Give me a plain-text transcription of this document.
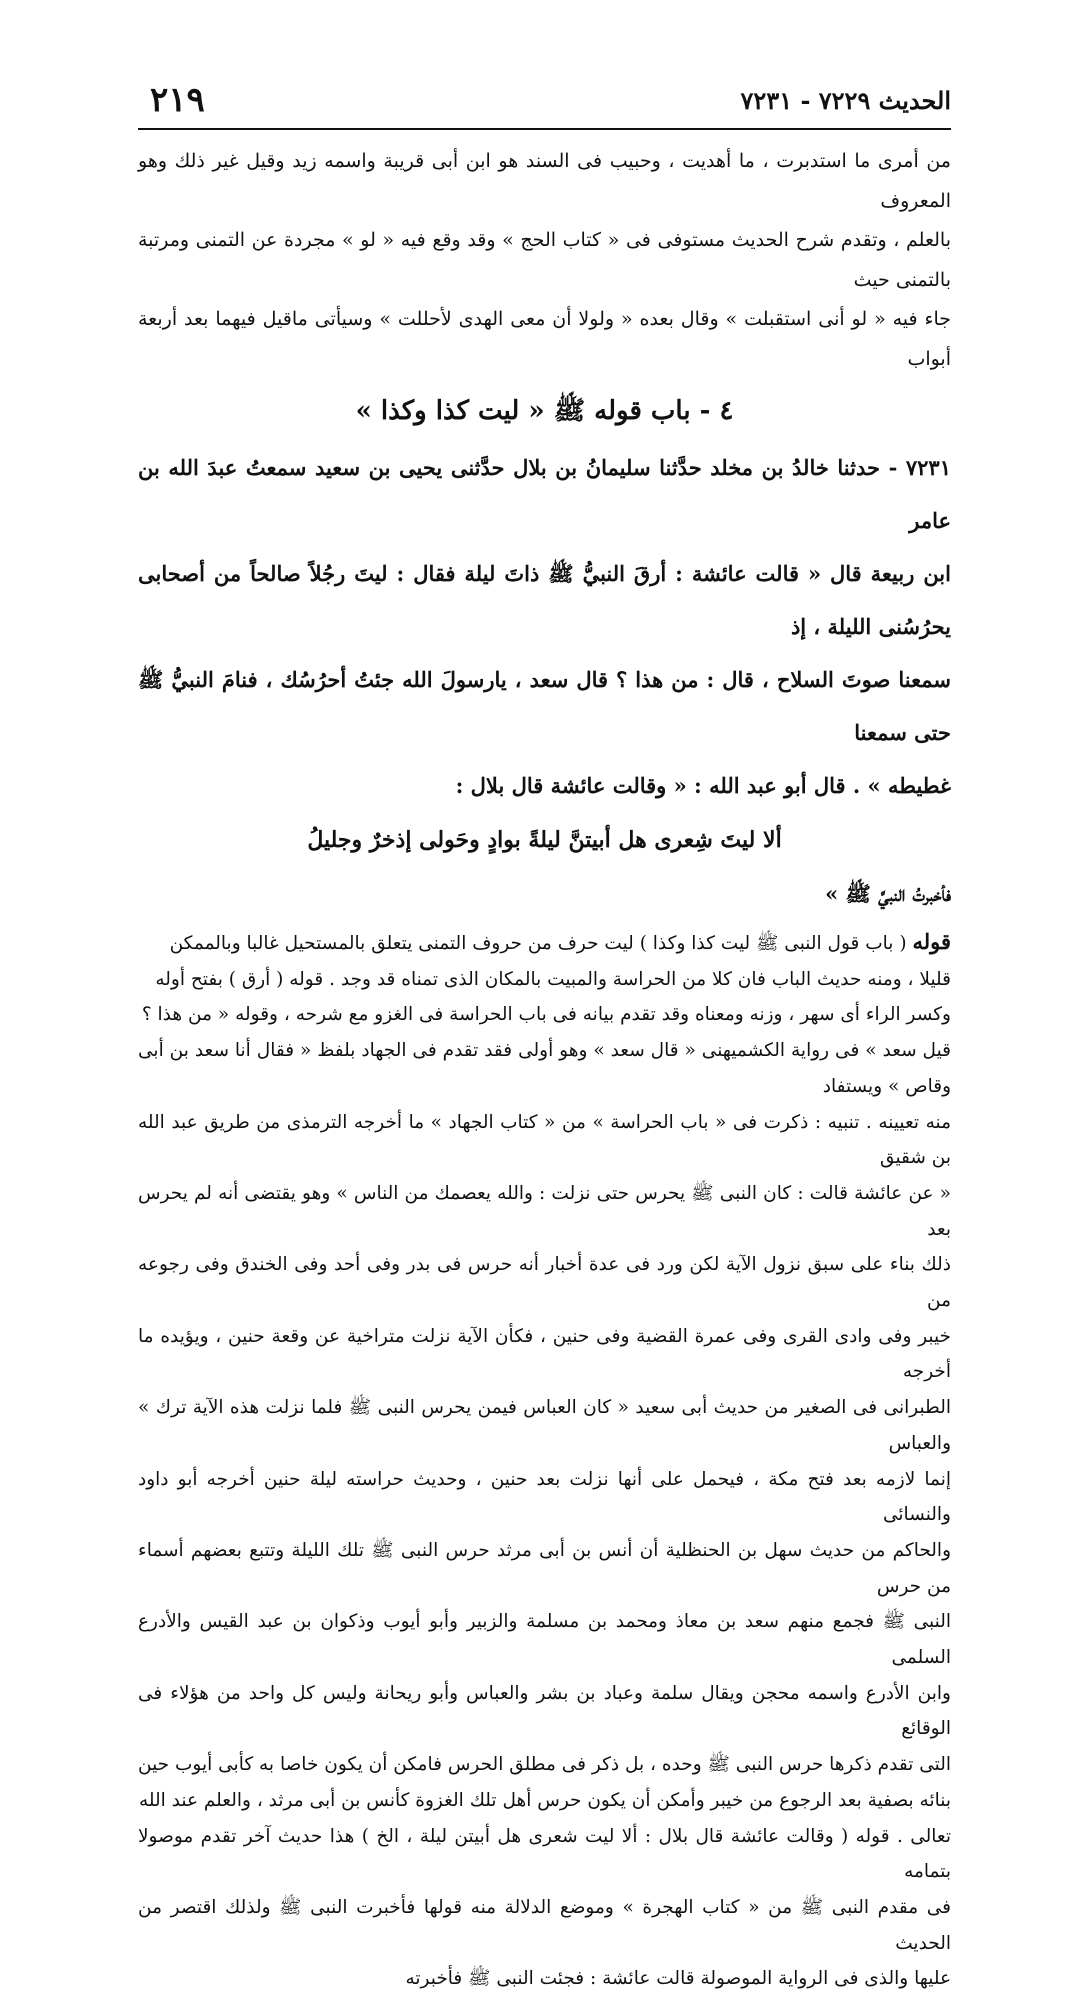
٢١٩	الحديث ٧٢٢٩ - ٧٢٣١

من أمرى ما استدبرت ، ما أهديت ، وحبيب فى السند هو ابن أبى قريبة واسمه زيد وقيل غير ذلك وهو المعروف

بالعلم ، وتقدم شرح الحديث مستوفى فى « كتاب الحج » وقد وقع فيه « لو » مجردة عن التمنى ومرتبة بالتمنى حيث

جاء فيه « لو أنى استقبلت » وقال بعده « ولولا أن معى الهدى لأحللت » وسيأتى ماقيل فيهما بعد أربعة أبواب

٤ - باب قوله ﷺ « ليت كذا وكذا »

٧٢٣١ - حدثنا خالدُ بن مخلد حدَّثنا سليمانُ بن بلال حدَّثنى يحيى بن سعيد سمعتُ عبدَ الله بن عامر

ابن ربيعة قال « قالت عائشة : أرقَ النبيُّ ﷺ ذاتَ ليلة فقال : ليتَ رجُلاً صالحاً من أصحابى يحرُسُنى الليلة ، إذ

سمعنا صوتَ السلاح ، قال : من هذا ؟ قال سعد ، يارسولَ الله جئتُ أحرُسُك ، فنامَ النبيُّ ﷺ حتى سمعنا

غطيطه » . قال أبو عبد الله : « وقالت عائشة قال بلال :

ألا ليتَ شِعرى هل أبيتنَّ ليلةً بوادٍ وحَولى إذخرٌ وجليلُ

فأخبرتُ النبيَّ ﷺ »

قوله ( باب قول النبى ﷺ ليت كذا وكذا ) ليت حرف من حروف التمنى يتعلق بالمستحيل غالبا وبالممكن

قليلا ، ومنه حديث الباب فان كلا من الحراسة والمبيت بالمكان الذى تمناه قد وجد . قوله ( أرق ) بفتح أوله

وكسر الراء أى سهر ، وزنه ومعناه وقد تقدم بيانه فى باب الحراسة فى الغزو مع شرحه ، وقوله « من هذا ؟

قيل سعد » فى رواية الكشميهنى « قال سعد » وهو أولى فقد تقدم فى الجهاد بلفظ « فقال أنا سعد بن أبى وقاص » ويستفاد

منه تعيينه . تنبيه : ذكرت فى « باب الحراسة » من « كتاب الجهاد » ما أخرجه الترمذى من طريق عبد الله بن شقيق

« عن عائشة قالت : كان النبى ﷺ يحرس حتى نزلت : والله يعصمك من الناس » وهو يقتضى أنه لم يحرس بعد

ذلك بناء على سبق نزول الآية لكن ورد فى عدة أخبار أنه حرس فى بدر وفى أحد وفى الخندق وفى رجوعه من

خيبر وفى وادى القرى وفى عمرة القضية وفى حنين ، فكأن الآية نزلت متراخية عن وقعة حنين ، ويؤيده ما أخرجه

الطبرانى فى الصغير من حديث أبى سعيد « كان العباس فيمن يحرس النبى ﷺ فلما نزلت هذه الآية ترك » والعباس

إنما لازمه بعد فتح مكة ، فيحمل على أنها نزلت بعد حنين ، وحديث حراسته ليلة حنين أخرجه أبو داود والنسائى

والحاكم من حديث سهل بن الحنظلية أن أنس بن أبى مرثد حرس النبى ﷺ تلك الليلة وتتبع بعضهم أسماء من حرس

النبى ﷺ فجمع منهم سعد بن معاذ ومحمد بن مسلمة والزبير وأبو أيوب وذكوان بن عبد القيس والأدرع السلمى

وابن الأدرع واسمه محجن ويقال سلمة وعباد بن بشر والعباس وأبو ريحانة وليس كل واحد من هؤلاء فى الوقائع

التى تقدم ذكرها حرس النبى ﷺ وحده ، بل ذكر فى مطلق الحرس فامكن أن يكون خاصا به كأبى أيوب حين

بنائه بصفية بعد الرجوع من خيبر وأمكن أن يكون حرس أهل تلك الغزوة كأنس بن أبى مرثد ، والعلم عند الله

تعالى . قوله ( وقالت عائشة قال بلال : ألا ليت شعرى هل أبيتن ليلة ، الخ ) هذا حديث آخر تقدم موصولا بتمامه

فى مقدم النبى ﷺ من « كتاب الهجرة » وموضع الدلالة منه قولها فأخبرت النبى ﷺ ولذلك اقتصر من الحديث

عليها والذى فى الرواية الموصولة قالت عائشة : فجئت النبى ﷺ فأخبرته
